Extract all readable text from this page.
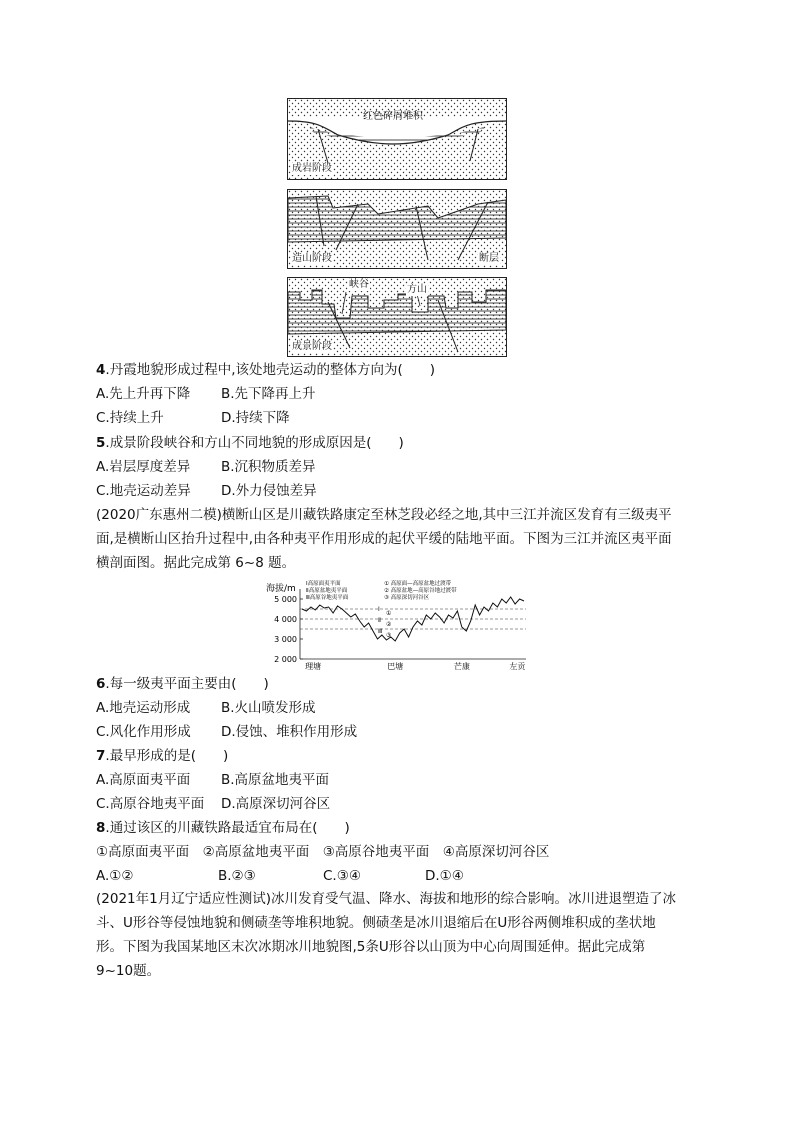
红色碎屑堆积
成岩阶段
造山阶段	断层
峡谷	方山
成景阶段
4.丹霞地貌形成过程中,该处地壳运动的整体方向为(　　)
A.先上升再下降 B.先下降再上升
C.持续上升	D.持续下降
5.成景阶段峡谷和方山不同地貌的形成原因是(　　)
A.岩层厚度差异 B.沉积物质差异
C.地壳运动差异 D.外力侵蚀差异
(2020广东惠州二模)横断山区是川藏铁路康定至林芝段必经之地,其中三江并流区发育有三级夷平
面,是横断山区抬升过程中,由各种夷平作用形成的起伏平缓的陆地平面。下图为三江并流区夷平面
横剖面图。据此完成第 6~8 题。
海拔/m
5 000
4 000
3 000
2 000
理塘	巴塘	芒康	左贡
Ⅰ高原面夷平面
Ⅱ高原盆地夷平面
Ⅲ高原谷地夷平面
① 高原面—高原盆地过渡带
② 高原盆地—高原谷地过渡带
③ 高原深切河谷区
Ⅰ
①
Ⅱ
②
Ⅲ
③
6.每一级夷平面主要由(　　)
A.地壳运动形成 B.火山喷发形成
C.风化作用形成 D.侵蚀、堆积作用形成
7.最早形成的是(　　)
A.高原面夷平面 B.高原盆地夷平面
C.高原谷地夷平面 D.高原深切河谷区
8.通过该区的川藏铁路最适宜布局在(　　)
①高原面夷平面　②高原盆地夷平面　③高原谷地夷平面　④高原深切河谷区
A.①②	B.②③	C.③④	D.①④
(2021年1月辽宁适应性测试)冰川发育受气温、降水、海拔和地形的综合影响。冰川进退塑造了冰
斗、U形谷等侵蚀地貌和侧碛垄等堆积地貌。侧碛垄是冰川退缩后在U形谷两侧堆积成的垄状地
形。下图为我国某地区末次冰期冰川地貌图,5条U形谷以山顶为中心向周围延伸。据此完成第
9~10题。
